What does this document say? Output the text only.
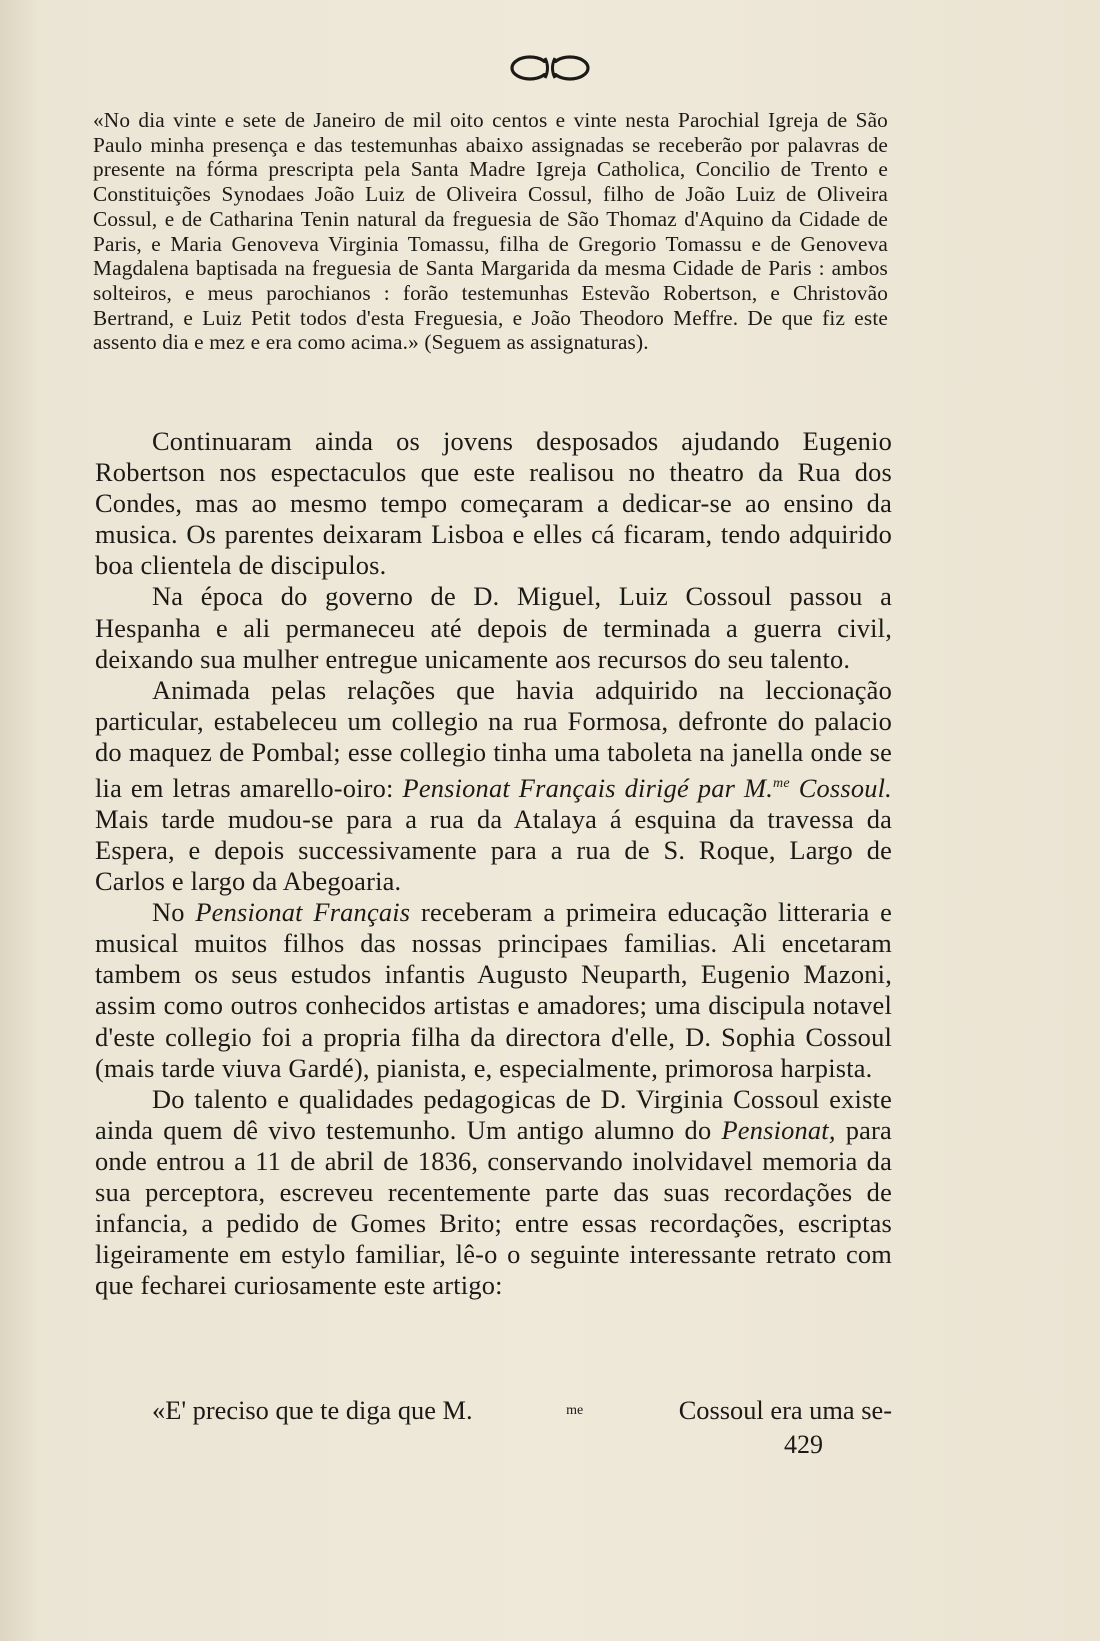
«No dia vinte e sete de Janeiro de mil oito centos e vinte nesta Parochial Igreja de São Paulo minha presença e das testemunhas abaixo assignadas se receberão por palavras de presente na fórma prescripta pela Santa Madre Igreja Catholica, Concilio de Trento e Constituições Synodaes João Luiz de Oliveira Cossul, filho de João Luiz de Oliveira Cossul, e de Catharina Tenin natural da freguesia de São Thomaz d'Aquino da Cidade de Paris, e Maria Genoveva Virginia Tomassu, filha de Gregorio Tomassu e de Genoveva Magdalena baptisada na freguesia de Santa Margarida da mesma Cidade de Paris : ambos solteiros, e meus parochianos : forão testemunhas Estevão Robertson, e Christovão Bertrand, e Luiz Petit todos d'esta Freguesia, e João Theodoro Meffre. De que fiz este assento dia e mez e era como acima.» (Seguem as assignaturas).

Continuaram ainda os jovens desposados ajudando Eugenio Robertson nos espectaculos que este realisou no theatro da Rua dos Condes, mas ao mesmo tempo começaram a dedicar-se ao ensino da musica. Os parentes deixaram Lisboa e elles cá ficaram, tendo adquirido boa clientela de discipulos.

Na época do governo de D. Miguel, Luiz Cossoul passou a Hespanha e ali permaneceu até depois de terminada a guerra civil, deixando sua mulher entregue unicamente aos recursos do seu talento.

Animada pelas relações que havia adquirido na leccionação particular, estabeleceu um collegio na rua Formosa, defronte do palacio do maquez de Pombal; esse collegio tinha uma taboleta na janella onde se lia em letras amarello-oiro: Pensionat Français dirigé par M.$^{me}$ Cossoul. Mais tarde mudou-se para a rua da Atalaya á esquina da travessa da Espera, e depois successivamente para a rua de S. Roque, Largo de Carlos e largo da Abegoaria.

No Pensionat Français receberam a primeira educação litteraria e musical muitos filhos das nossas principaes familias. Ali encetaram tambem os seus estudos infantis Augusto Neuparth, Eugenio Mazoni, assim como outros conhecidos artistas e amadores; uma discipula notavel d'este collegio foi a propria filha da directora d'elle, D. Sophia Cossoul (mais tarde viuva Gardé), pianista, e, especialmente, primorosa harpista.

Do talento e qualidades pedagogicas de D. Virginia Cossoul existe ainda quem dê vivo testemunho. Um antigo alumno do Pensionat, para onde entrou a 11 de abril de 1836, conservando inolvidavel memoria da sua perceptora, escreveu recentemente parte das suas recordações de infancia, a pedido de Gomes Brito; entre essas recordações, escriptas ligeiramente em estylo familiar, lê-o o seguinte interessante retrato com que fecharei curiosamente este artigo:

«E' preciso que te diga que M.	me	Cossoul era uma se-
429
